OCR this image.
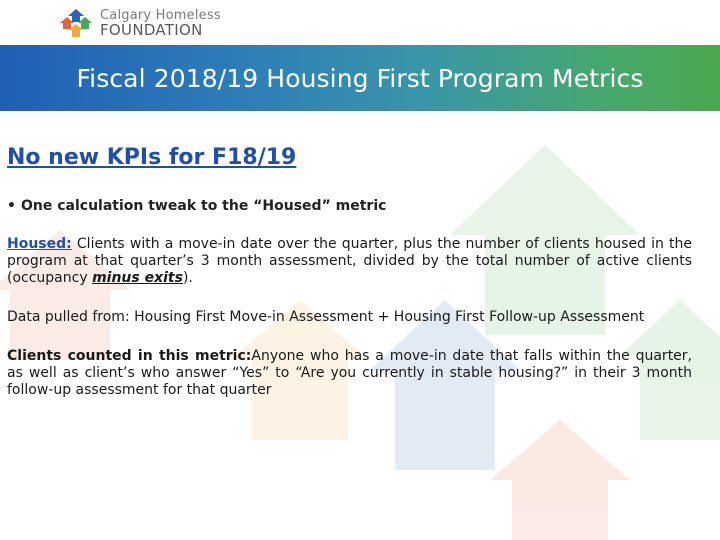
Calgary Homeless
FOUNDATION
Fiscal 2018/19 Housing First Program Metrics
No new KPIs for F18/19
• One calculation tweak to the “Housed” metric

Housed: Clients with a move-in date over the quarter, plus the number of clients housed in the program at that quarter’s 3 month assessment, divided by the total number of active clients (occupancy minus exits).

Data pulled from: Housing First Move-in Assessment + Housing First Follow-up Assessment

Clients counted in this metric:Anyone who has a move-in date that falls within the quarter, as well as client’s who answer “Yes” to “Are you currently in stable housing?” in their 3 month follow-up assessment for that quarter
